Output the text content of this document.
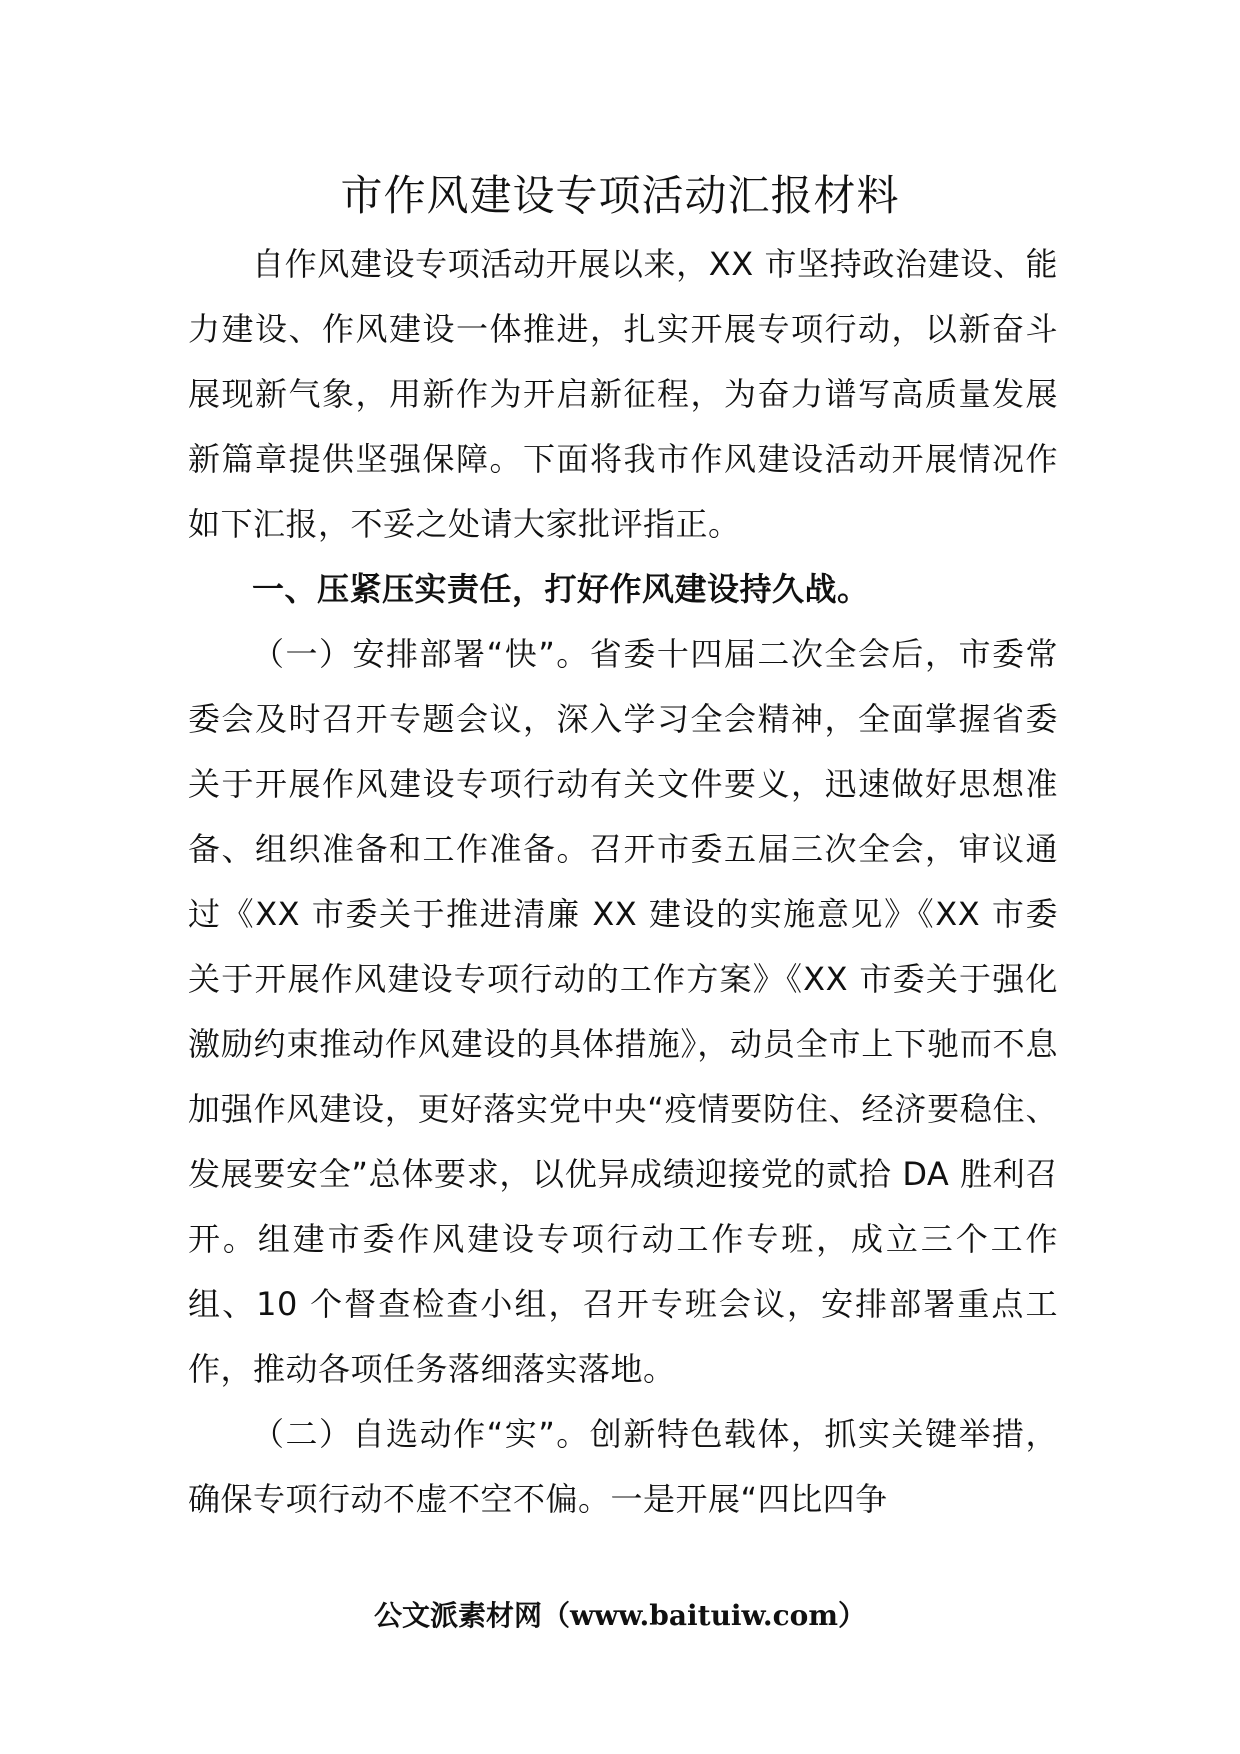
市作风建设专项活动汇报材料

自作风建设专项活动开展以来，XX 市坚持政治建设、能力建设、作风建设一体推进，扎实开展专项行动，以新奋斗展现新气象，用新作为开启新征程，为奋力谱写高质量发展新篇章提供坚强保障。下面将我市作风建设活动开展情况作如下汇报，不妥之处请大家批评指正。

一、压紧压实责任，打好作风建设持久战。

（一）安排部署“快”。省委十四届二次全会后，市委常委会及时召开专题会议，深入学习全会精神，全面掌握省委关于开展作风建设专项行动有关文件要义，迅速做好思想准备、组织准备和工作准备。召开市委五届三次全会，审议通过《XX 市委关于推进清廉 XX 建设的实施意见》《XX 市委关于开展作风建设专项行动的工作方案》《XX 市委关于强化激励约束推动作风建设的具体措施》，动员全市上下驰而不息加强作风建设，更好落实党中央“疫情要防住、经济要稳住、发展要安全”总体要求，以优异成绩迎接党的贰拾 DA 胜利召开。组建市委作风建设专项行动工作专班，成立三个工作组、10 个督查检查小组，召开专班会议，安排部署重点工作，推动各项任务落细落实落地。

（二）自选动作“实”。创新特色载体，抓实关键举措，确保专项行动不虚不空不偏。一是开展“四比四争

公文派素材网（www.baituiw.com）
